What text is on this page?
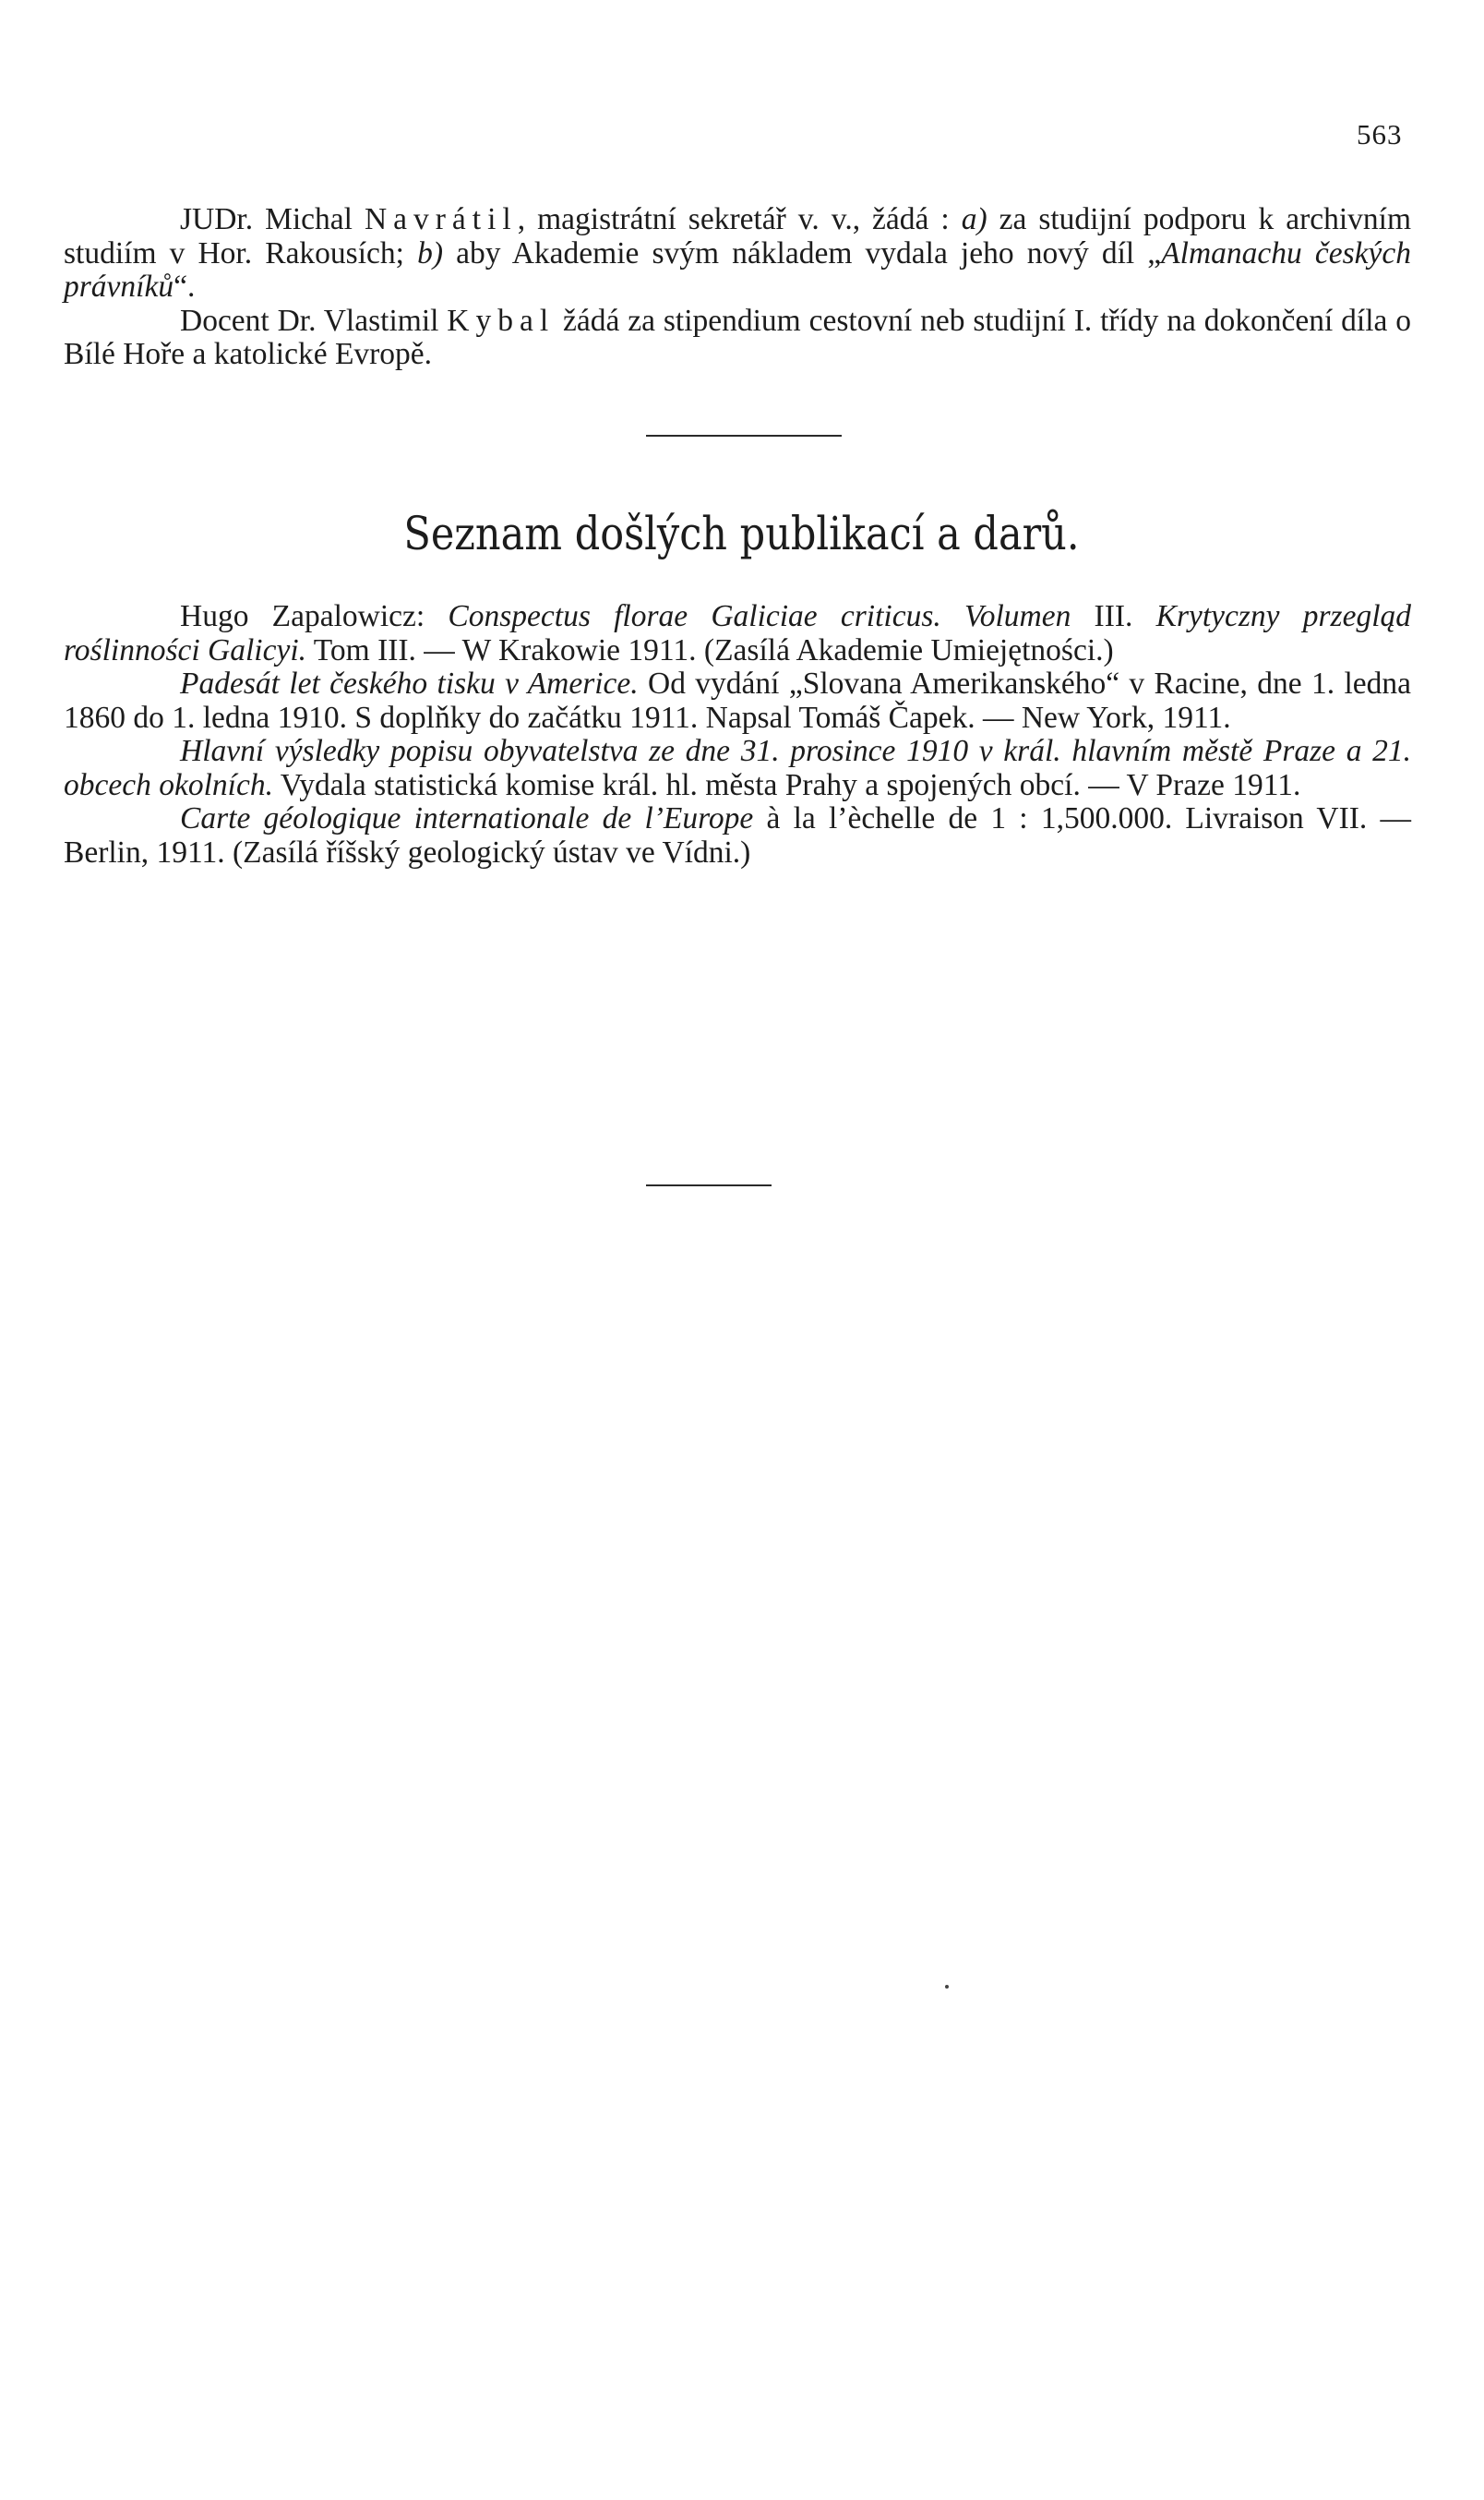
563

JUDr. Michal Navrátil, magistrátní sekretář v. v., žádá : a) za studijní podporu k archivním studiím v Hor. Rakousích; b) aby Akademie svým nákladem vydala jeho nový díl „Almanachu českých právníků“.

Docent Dr. Vlastimil Kybal žádá za stipendium cestovní neb studijní I. třídy na dokončení díla o Bílé Hoře a katolické Evropě.

Seznam došlých publikací a darů.

Hugo Zapalowicz: Conspectus florae Galiciae criticus. Volumen III. Krytyczny przegląd roślinności Galicyi. Tom III. — W Krakowie 1911. (Zasílá Akademie Umiejętności.)

Padesát let českého tisku v Americe. Od vydání „Slovana Amerikanského“ v Racine, dne 1. ledna 1860 do 1. ledna 1910. S doplňky do začátku 1911. Napsal Tomáš Čapek. — New York, 1911.

Hlavní výsledky popisu obyvatelstva ze dne 31. prosince 1910 v král. hlavním městě Praze a 21. obcech okolních. Vydala statistická komise král. hl. města Prahy a spojených obcí. — V Praze 1911.

Carte géologique internationale de l’Europe à la l’èchelle de 1 : 1,500.000. Livraison VII. — Berlin, 1911. (Zasílá říšský geologický ústav ve Vídni.)
